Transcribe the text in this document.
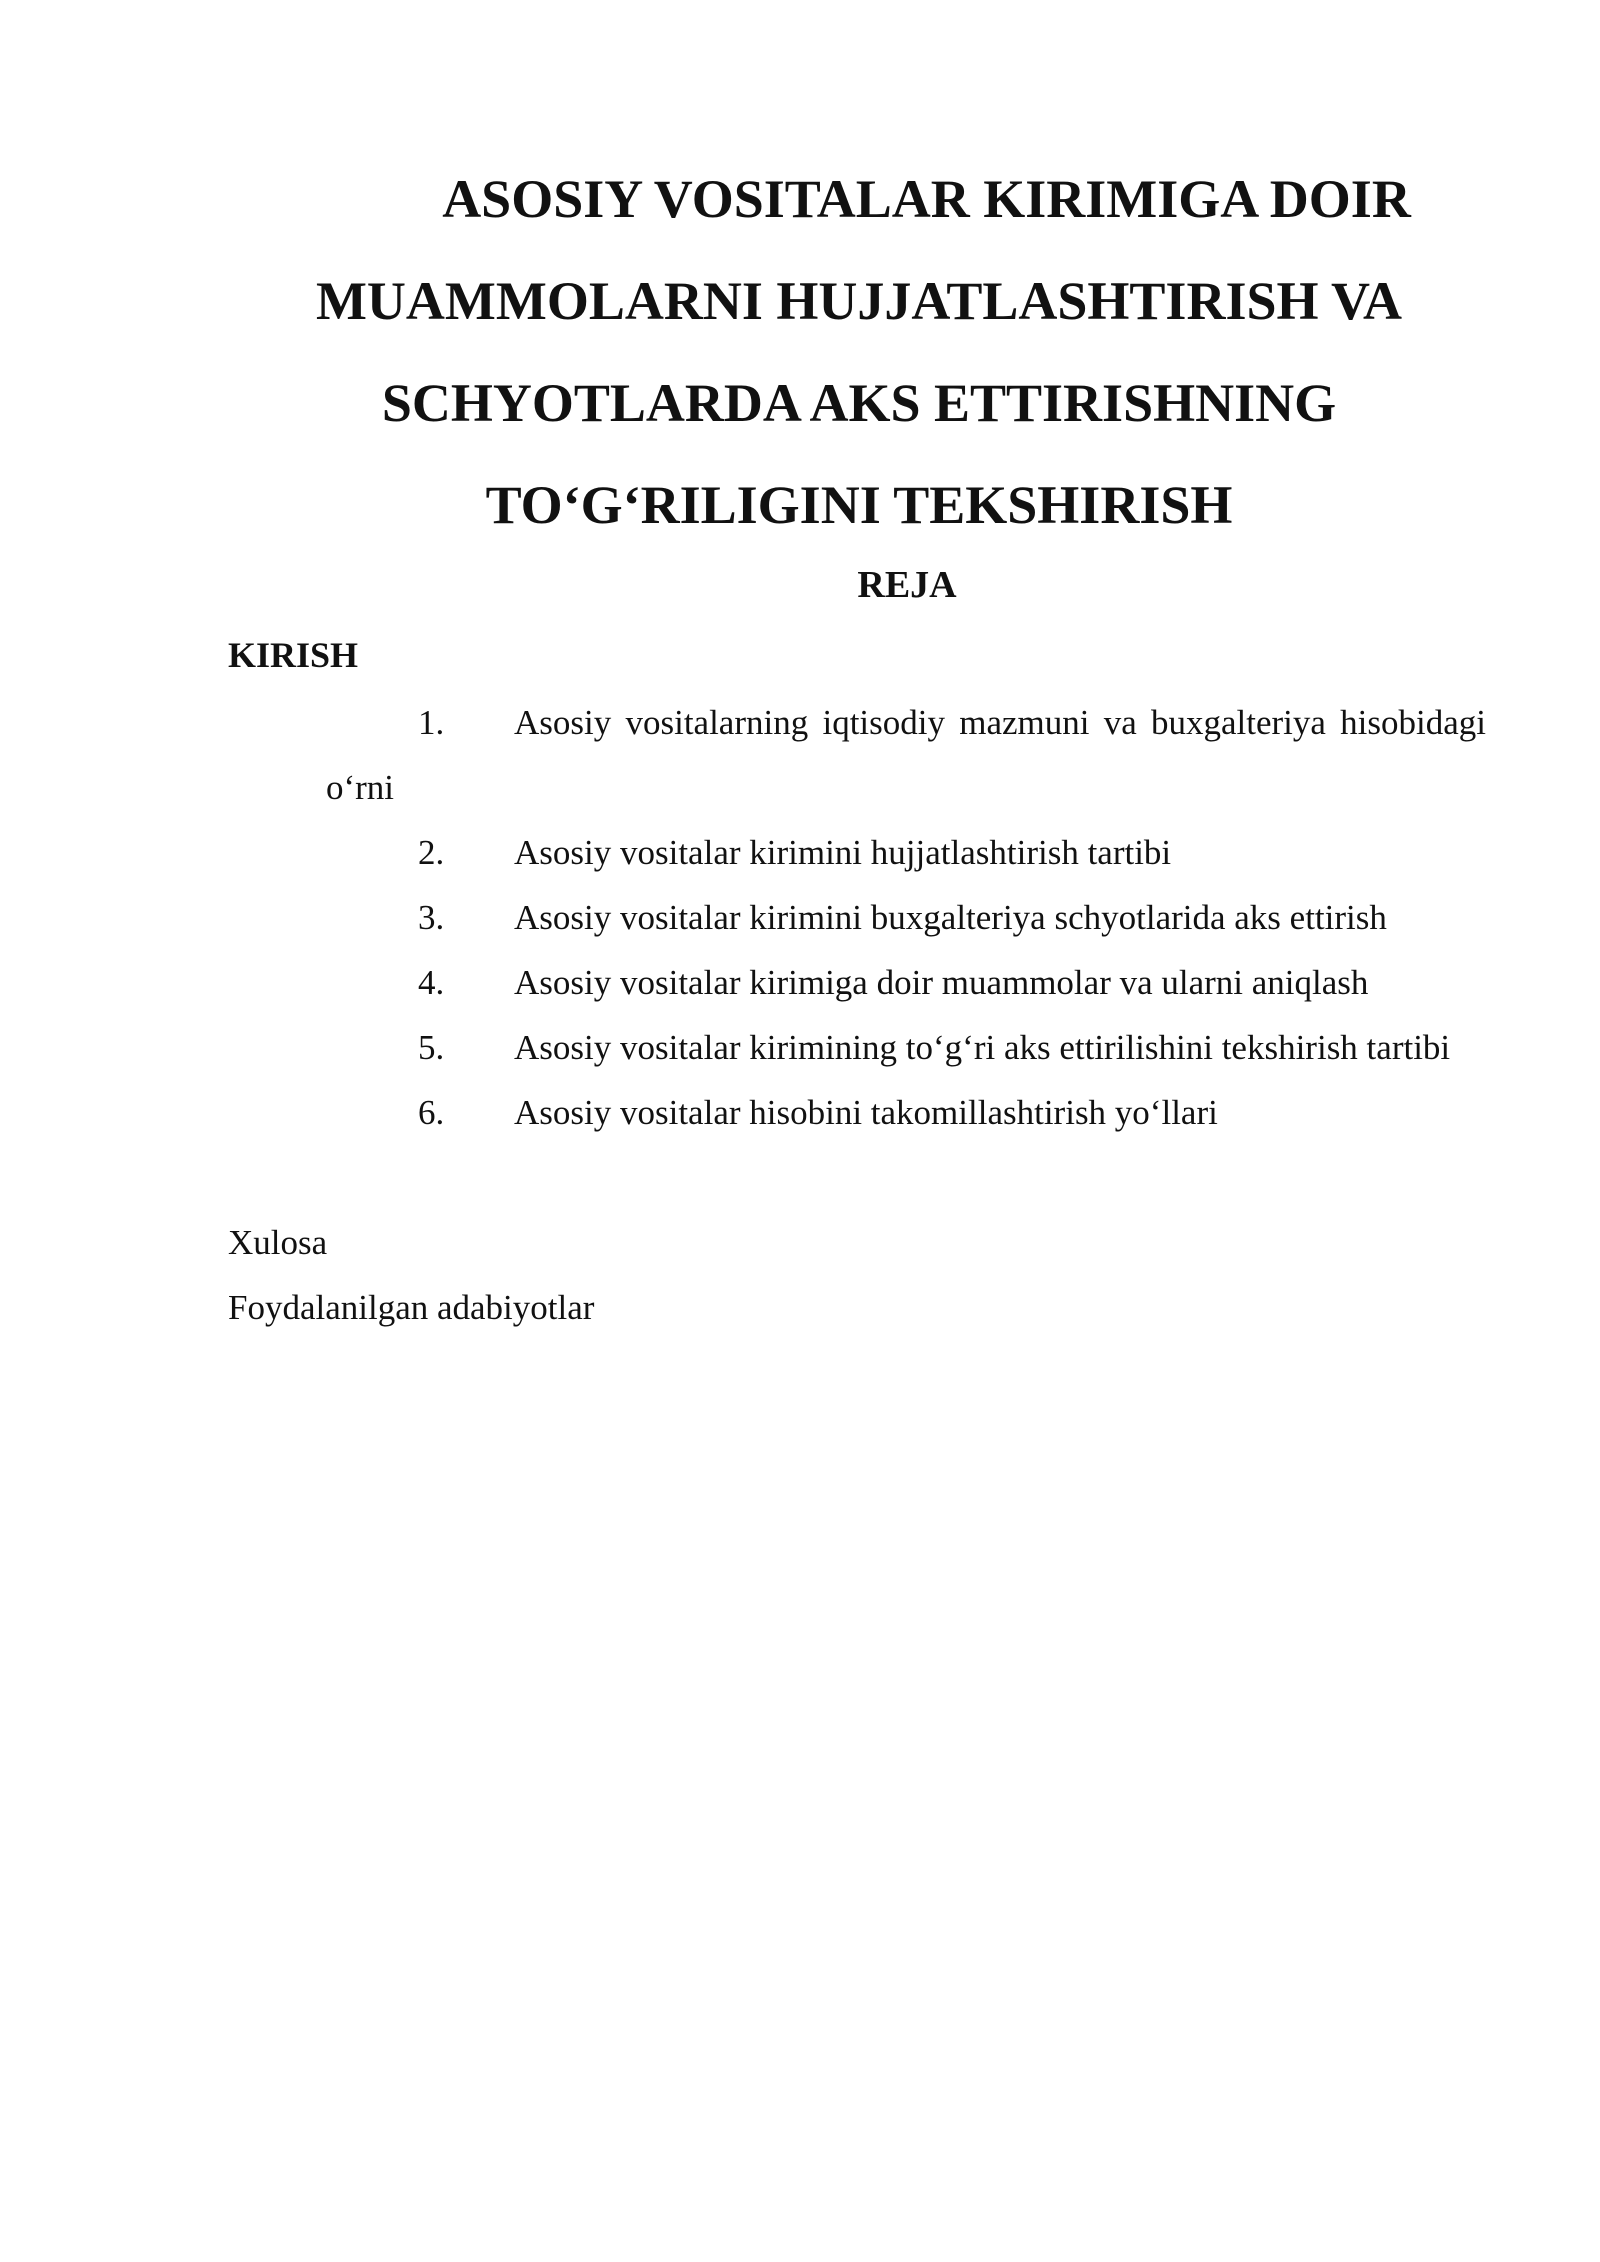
ASOSIY VOSITALAR KIRIMIGA DOIR MUAMMOLARNI HUJJATLASHTIRISH VA SCHYOTLARDA AKS ETTIRISHNING TO‘G‘RILIGINI TEKSHIRISH

REJA

KIRISH

1. Asosiy vositalarning iqtisodiy mazmuni va buxgalteriya hisobidagi o‘rni
2. Asosiy vositalar kirimini hujjatlashtirish tartibi
3. Asosiy vositalar kirimini buxgalteriya schyotlarida aks ettirish
4. Asosiy vositalar kirimiga doir muammolar va ularni aniqlash
5. Asosiy vositalar kirimining to‘g‘ri aks ettirilishini tekshirish tartibi
6. Asosiy vositalar hisobini takomillashtirish yo‘llari

Xulosa

Foydalanilgan adabiyotlar
